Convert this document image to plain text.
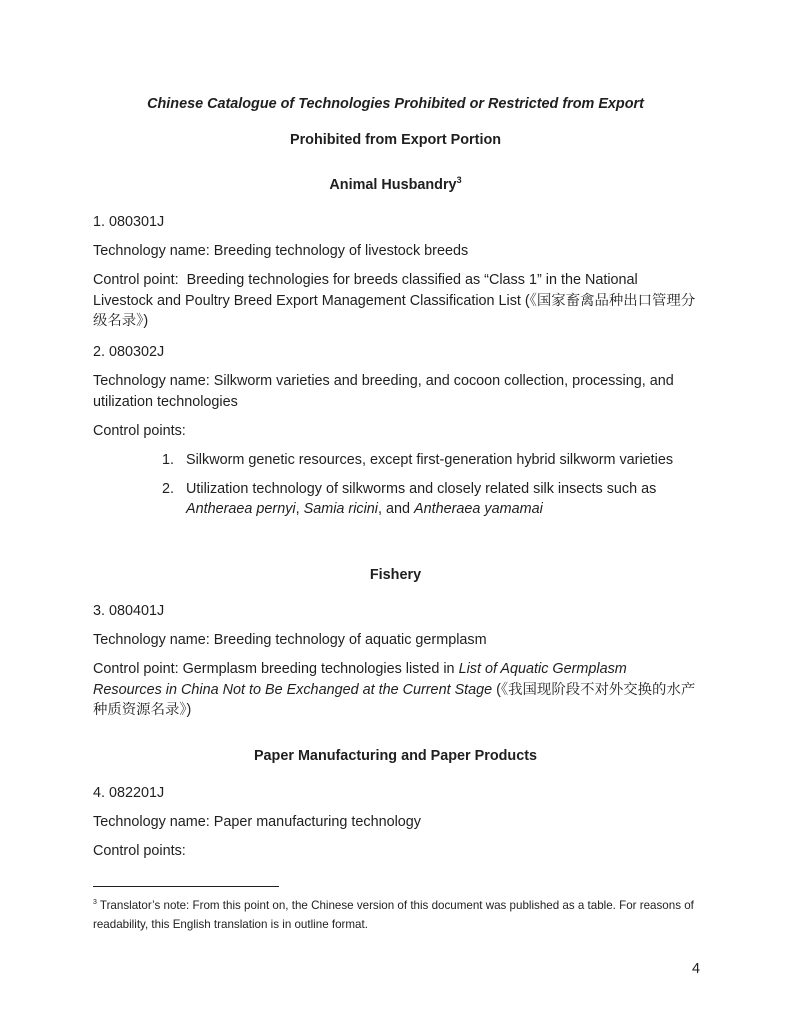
Chinese Catalogue of Technologies Prohibited or Restricted from Export
Prohibited from Export Portion
Animal Husbandry$^3$
1. 080301J
Technology name: Breeding technology of livestock breeds
Control point: Breeding technologies for breeds classified as “Class 1” in the National Livestock and Poultry Breed Export Management Classification List (《国家畜禽品种出口管理分级名录》)
2. 080302J
Technology name: Silkworm varieties and breeding, and cocoon collection, processing, and utilization technologies
Control points:
1. Silkworm genetic resources, except first-generation hybrid silkworm varieties
2. Utilization technology of silkworms and closely related silk insects such as Antheraea pernyi, Samia ricini, and Antheraea yamamai
Fishery
3. 080401J
Technology name: Breeding technology of aquatic germplasm
Control point: Germplasm breeding technologies listed in List of Aquatic Germplasm Resources in China Not to Be Exchanged at the Current Stage (《我国现阶段不对外交换的水产种质资源名录》)
Paper Manufacturing and Paper Products
4. 082201J
Technology name: Paper manufacturing technology
Control points:
$^3$ Translator’s note: From this point on, the Chinese version of this document was published as a table. For reasons of readability, this English translation is in outline format.
4
